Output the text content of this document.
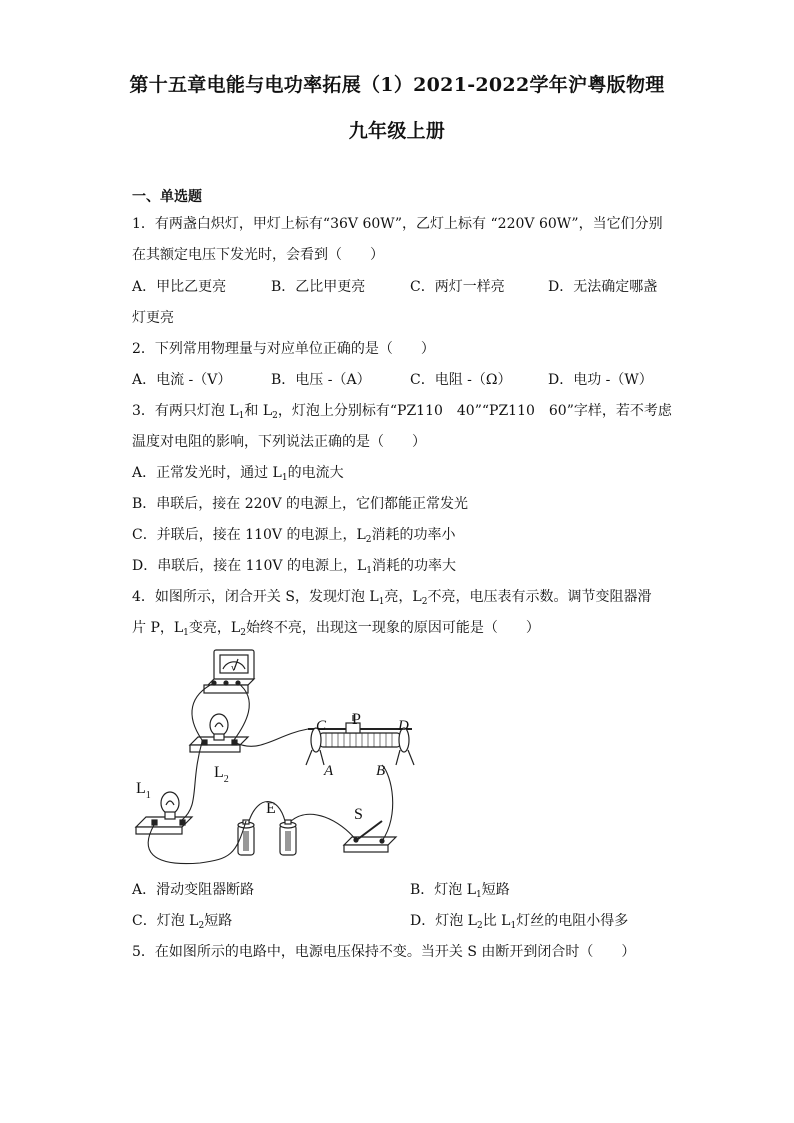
第十五章电能与电功率拓展（1）2021-2022学年沪粤版物理
九年级上册
一、单选题
1．有两盏白炽灯，甲灯上标有“36V 60W”，乙灯上标有 “220V 60W”，当它们分别
在其额定电压下发光时，会看到（　　）
A．甲比乙更亮	B．乙比甲更亮	C．两灯一样亮	D．无法确定哪盏
灯更亮
2．下列常用物理量与对应单位正确的是（　　）
A．电流 -（V）	B．电压 -（A）	C．电阻 -（Ω）	D．电功 -（W）
3．有两只灯泡 $L_1$和 $L_2$，灯泡上分别标有“PZ110　40”“PZ110　60”字样，若不考虑
温度对电阻的影响，下列说法正确的是（　　）
A．正常发光时，通过 $L_1$的电流大
B．串联后，接在 220V 的电源上，它们都能正常发光
C．并联后，接在 110V 的电源上，$L_2$消耗的功率小
D．串联后，接在 110V 的电源上，$L_1$消耗的功率大
4．如图所示，闭合开关 S，发现灯泡 $L_1$亮，$L_2$不亮，电压表有示数。调节变阻器滑
片 P，$L_1$变亮，$L_2$始终不亮，出现这一现象的原因可能是（　　）
C	D
A	B
P
E	S
$L_2$
$L_1$
V
A．滑动变阻器断路	B．灯泡 $L_1$短路
C．灯泡 $L_2$短路	D．灯泡 $L_2$比 $L_1$灯丝的电阻小得多
5．在如图所示的电路中，电源电压保持不变。当开关 S 由断开到闭合时（　　）
